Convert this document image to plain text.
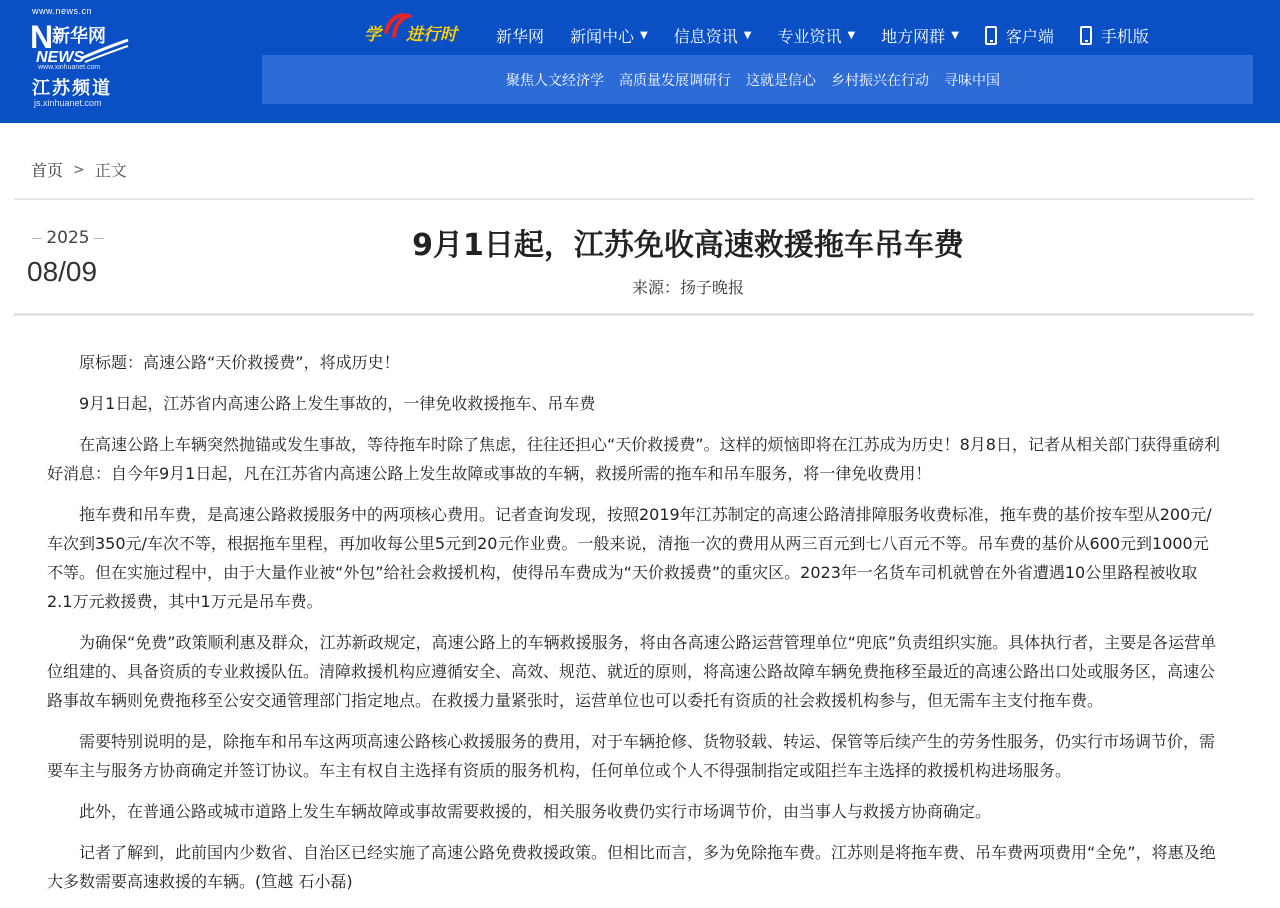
www.news.cn
N
新华网
NEWS
www.xinhuanet.com
江苏频道
js.xinhuanet.com
学 进行时 新华网 新闻中心 ▼ 信息资讯 ▼ 专业资讯 ▼ 地方网群 ▼	客户端	手机版
聚焦人文经济学 高质量发展调研行 这就是信心 乡村振兴在行动 寻味中国
首页 > 正文
2025
08/09
9月1日起，江苏免收高速救援拖车吊车费
来源：扬子晚报

原标题：高速公路“天价救援费”，将成历史！

9月1日起，江苏省内高速公路上发生事故的，一律免收救援拖车、吊车费

在高速公路上车辆突然抛锚或发生事故，等待拖车时除了焦虑，往往还担心“天价救援费”。这样的烦恼即将在江苏成为历史！8月8日，记者从相关部门获得重磅利好消息：自今年9月1日起，凡在江苏省内高速公路上发生故障或事故的车辆，救援所需的拖车和吊车服务，将一律免收费用！

拖车费和吊车费，是高速公路救援服务中的两项核心费用。记者查询发现，按照2019年江苏制定的高速公路清排障服务收费标准，拖车费的基价按车型从200元/车次到350元/车次不等，根据拖车里程，再加收每公里5元到20元作业费。一般来说，清拖一次的费用从两三百元到七八百元不等。吊车费的基价从600元到1000元不等。但在实施过程中，由于大量作业被“外包”给社会救援机构，使得吊车费成为“天价救援费”的重灾区。2023年一名货车司机就曾在外省遭遇10公里路程被收取2.1万元救援费，其中1万元是吊车费。

为确保“免费”政策顺利惠及群众，江苏新政规定，高速公路上的车辆救援服务，将由各高速公路运营管理单位“兜底”负责组织实施。具体执行者，主要是各运营单位组建的、具备资质的专业救援队伍。清障救援机构应遵循安全、高效、规范、就近的原则，将高速公路故障车辆免费拖移至最近的高速公路出口处或服务区，高速公路事故车辆则免费拖移至公安交通管理部门指定地点。在救援力量紧张时，运营单位也可以委托有资质的社会救援机构参与，但无需车主支付拖车费。

需要特别说明的是，除拖车和吊车这两项高速公路核心救援服务的费用，对于车辆抢修、货物驳载、转运、保管等后续产生的劳务性服务，仍实行市场调节价，需要车主与服务方协商确定并签订协议。车主有权自主选择有资质的服务机构，任何单位或个人不得强制指定或阻拦车主选择的救援机构进场服务。

此外，在普通公路或城市道路上发生车辆故障或事故需要救援的，相关服务收费仍实行市场调节价，由当事人与救援方协商确定。

记者了解到，此前国内少数省、自治区已经实施了高速公路免费救援政策。但相比而言，多为免除拖车费。江苏则是将拖车费、吊车费两项费用“全免”，将惠及绝大多数需要高速救援的车辆。(笪越 石小磊)
